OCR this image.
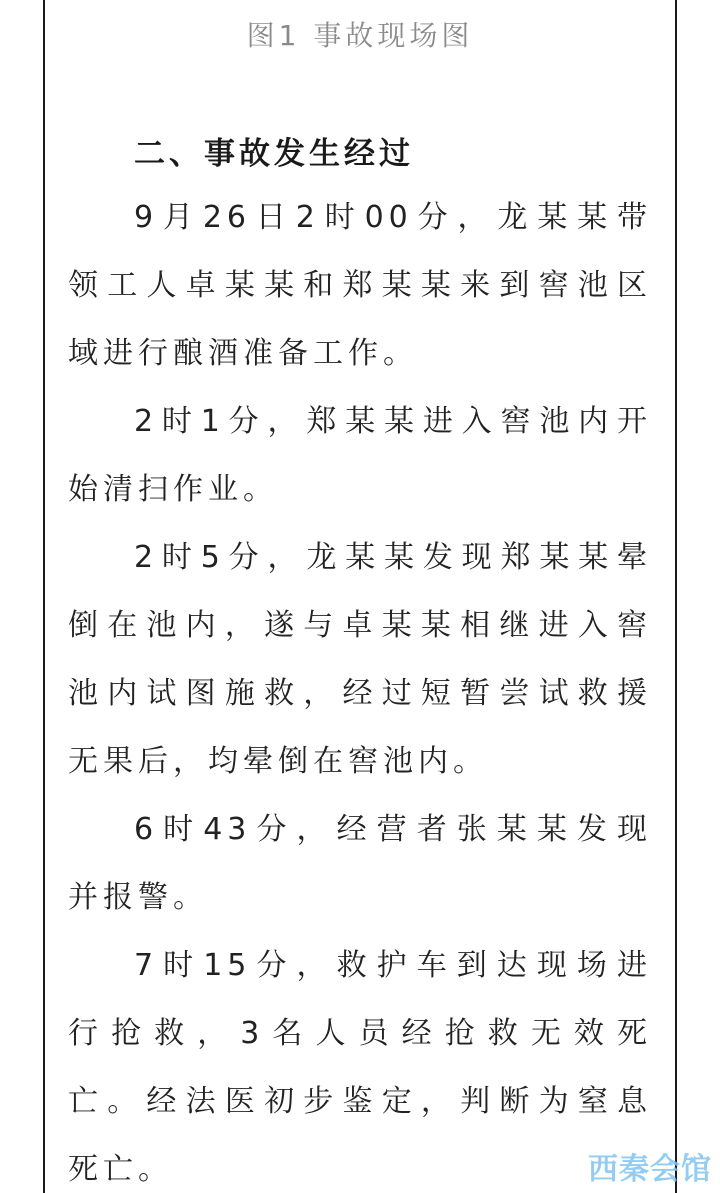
图1 事故现场图
二、事故发生经过

9月26日2时00分，龙某某带
领工人卓某某和郑某某来到窖池区
域进行酿酒准备工作。

2时1分，郑某某进入窖池内开
始清扫作业。

2时5分，龙某某发现郑某某晕
倒在池内，遂与卓某某相继进入窖
池内试图施救，经过短暂尝试救援
无果后，均晕倒在窖池内。

6时43分，经营者张某某发现
并报警。

7时15分，救护车到达现场进
行抢救，3名人员经抢救无效死
亡。经法医初步鉴定，判断为窒息
死亡。	西秦会馆
